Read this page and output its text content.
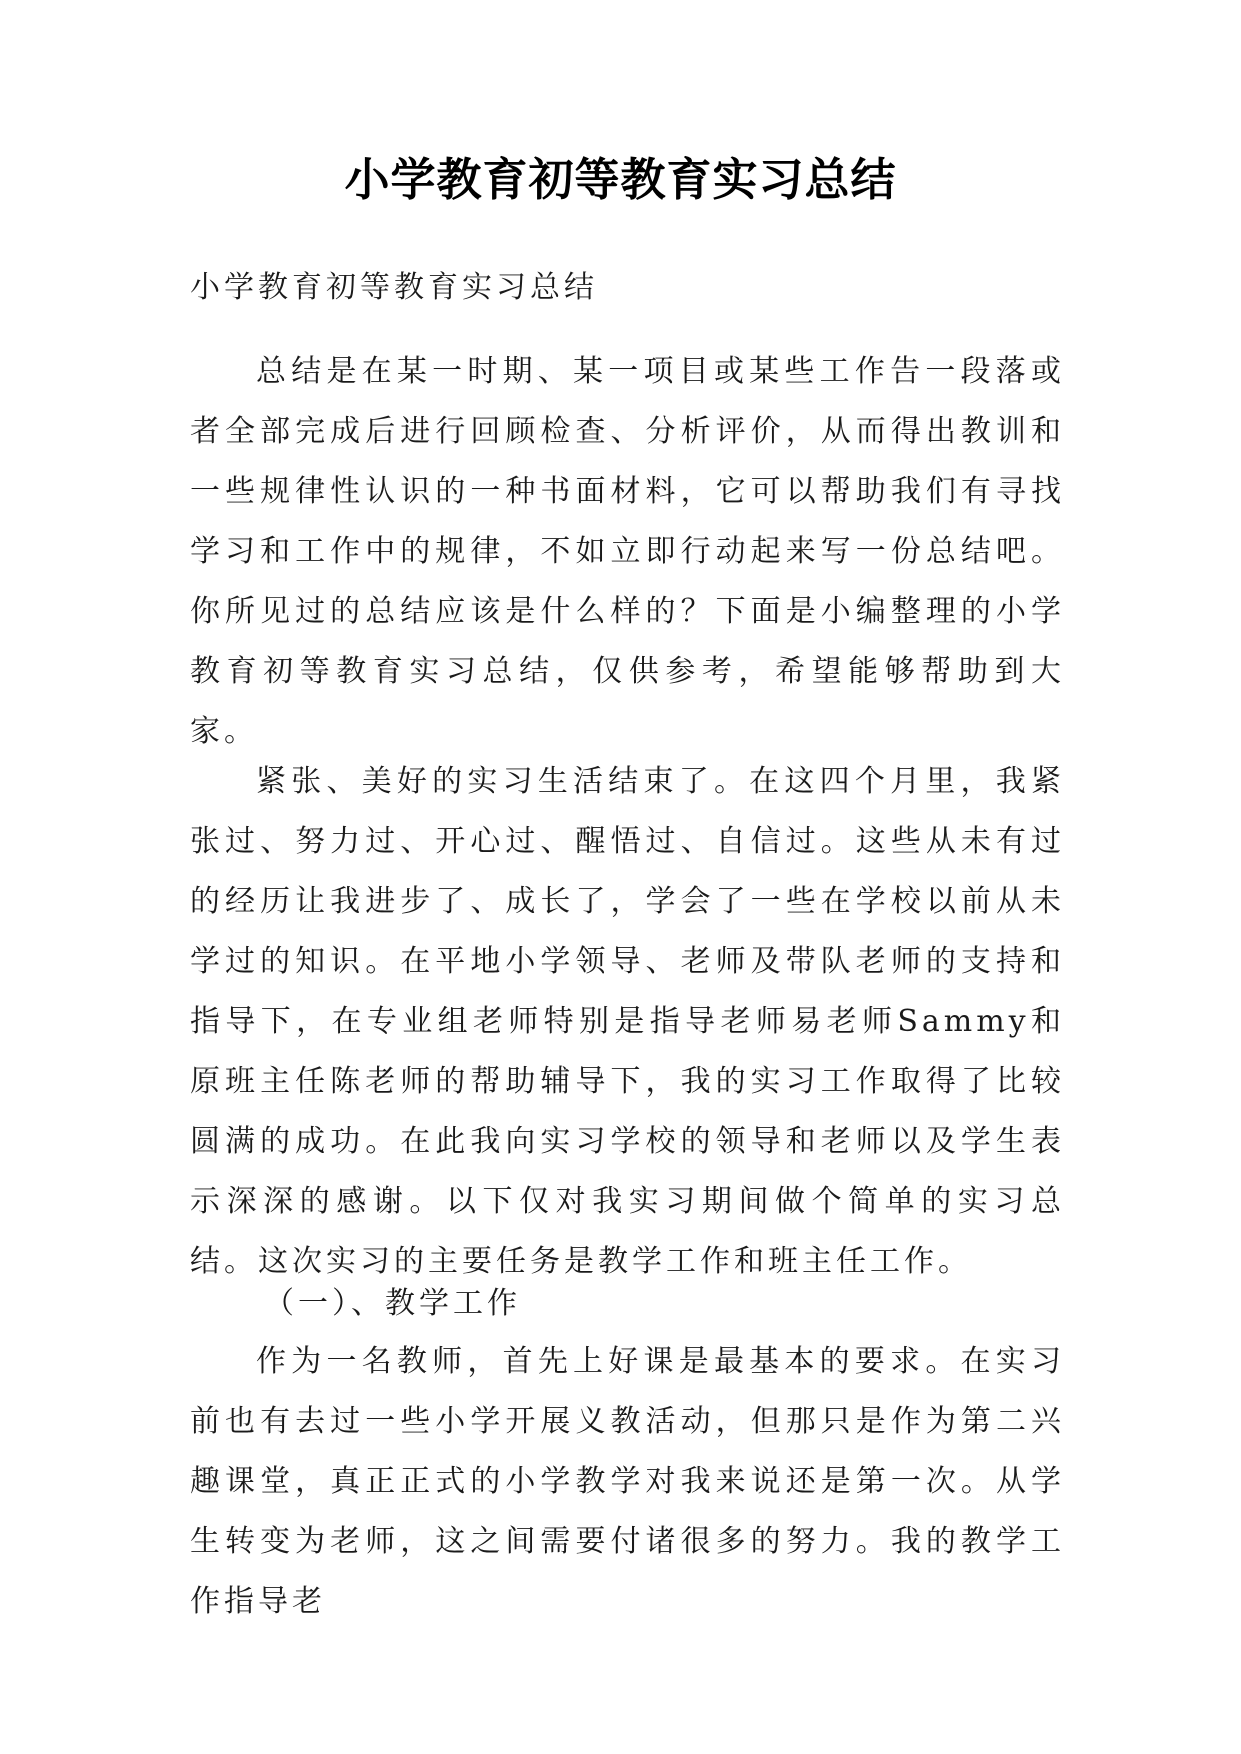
小学教育初等教育实习总结
小学教育初等教育实习总结
总结是在某一时期、某一项目或某些工作告一段落或者全部完成后进行回顾检查、分析评价，从而得出教训和一些规律性认识的一种书面材料，它可以帮助我们有寻找学习和工作中的规律，不如立即行动起来写一份总结吧。你所见过的总结应该是什么样的？下面是小编整理的小学教育初等教育实习总结，仅供参考，希望能够帮助到大家。
紧张、美好的实习生活结束了。在这四个月里，我紧张过、努力过、开心过、醒悟过、自信过。这些从未有过的经历让我进步了、成长了，学会了一些在学校以前从未学过的知识。在平地小学领导、老师及带队老师的支持和指导下，在专业组老师特别是指导老师易老师Sammy和原班主任陈老师的帮助辅导下，我的实习工作取得了比较圆满的成功。在此我向实习学校的领导和老师以及学生表示深深的感谢。以下仅对我实习期间做个简单的实习总结。这次实习的主要任务是教学工作和班主任工作。
（一）、教学工作
作为一名教师，首先上好课是最基本的要求。在实习前也有去过一些小学开展义教活动，但那只是作为第二兴趣课堂，真正正式的小学教学对我来说还是第一次。从学生转变为老师，这之间需要付诸很多的努力。我的教学工作指导老
